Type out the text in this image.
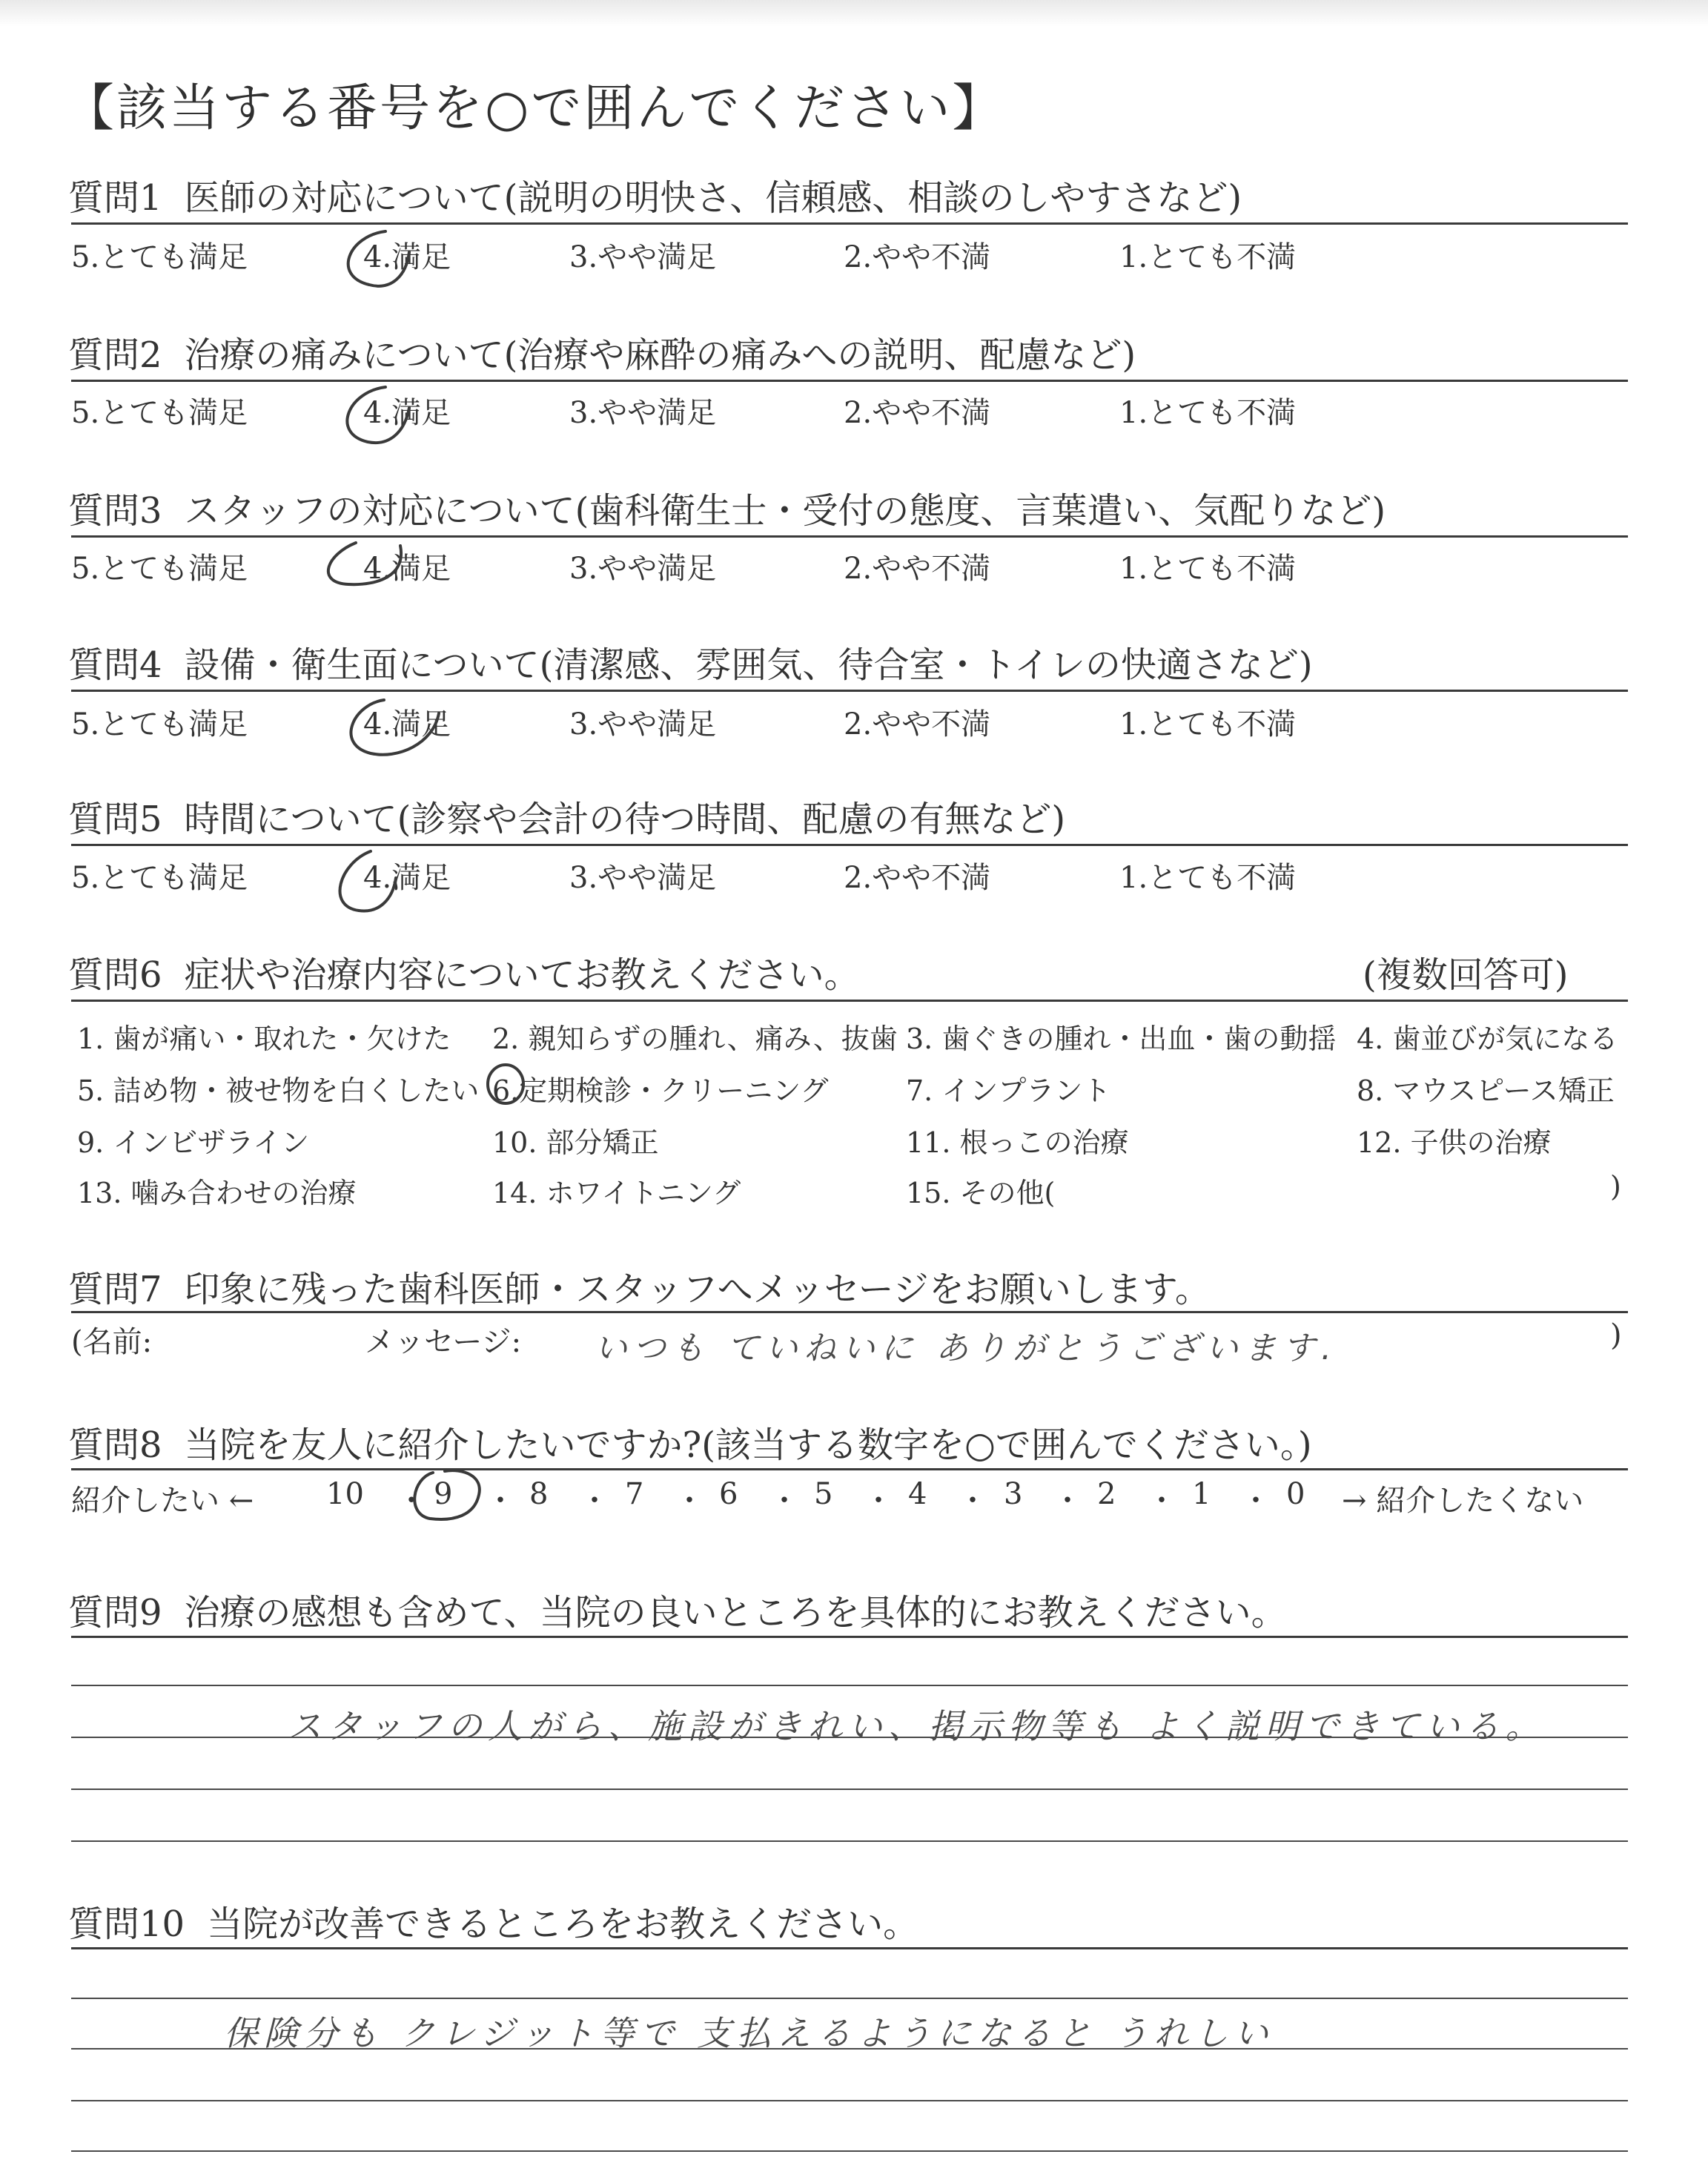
【該当する番号を○で囲んでください】
質問1 医師の対応について(説明の明快さ、信頼感、相談のしやすさなど)
5.とても満足	4.満足	3.やや満足	2.やや不満	1.とても不満
質問2 治療の痛みについて(治療や麻酔の痛みへの説明、配慮など)
5.とても満足	4.満足	3.やや満足	2.やや不満	1.とても不満
質問3 スタッフの対応について(歯科衛生士・受付の態度、言葉遣い、気配りなど)
5.とても満足	4.満足	3.やや満足	2.やや不満	1.とても不満
質問4 設備・衛生面について(清潔感、雰囲気、待合室・トイレの快適さなど)
5.とても満足	4.満足	3.やや満足	2.やや不満	1.とても不満
質問5 時間について(診察や会計の待つ時間、配慮の有無など)
5.とても満足	4.満足	3.やや満足	2.やや不満	1.とても不満
質問6 症状や治療内容についてお教えください。	(複数回答可)
1. 歯が痛い・取れた・欠けた 2. 親知らずの腫れ、痛み、抜歯 3. 歯ぐきの腫れ・出血・歯の動揺 4. 歯並びが気になる
5. 詰め物・被せ物を白くしたい 6.定期検診・クリーニング	7. インプラント	8. マウスピース矯正
9. インビザライン	10. 部分矯正	11. 根っこの治療	12. 子供の治療
13. 噛み合わせの治療	14. ホワイトニング	15. その他(	)
質問7 印象に残った歯科医師・スタッフへメッセージをお願いします。
(名前:	メッセージ: いつも ていねいに ありがとうございます.	)
質問8 当院を友人に紹介したいですか?(該当する数字を○で囲んでください。)
紹介したい ←	→ 紹介したくない
10 9	8	7	6	5	4	3	2	1	0
・ ・ ・ ・ ・ ・ ・ ・ ・ ・
質問9 治療の感想も含めて、当院の良いところを具体的にお教えください。
スタッフの人がら、施設がきれい、掲示物等も よく説明できている。
質問10 当院が改善できるところをお教えください。
保険分も クレジット等で 支払えるようになると うれしい
